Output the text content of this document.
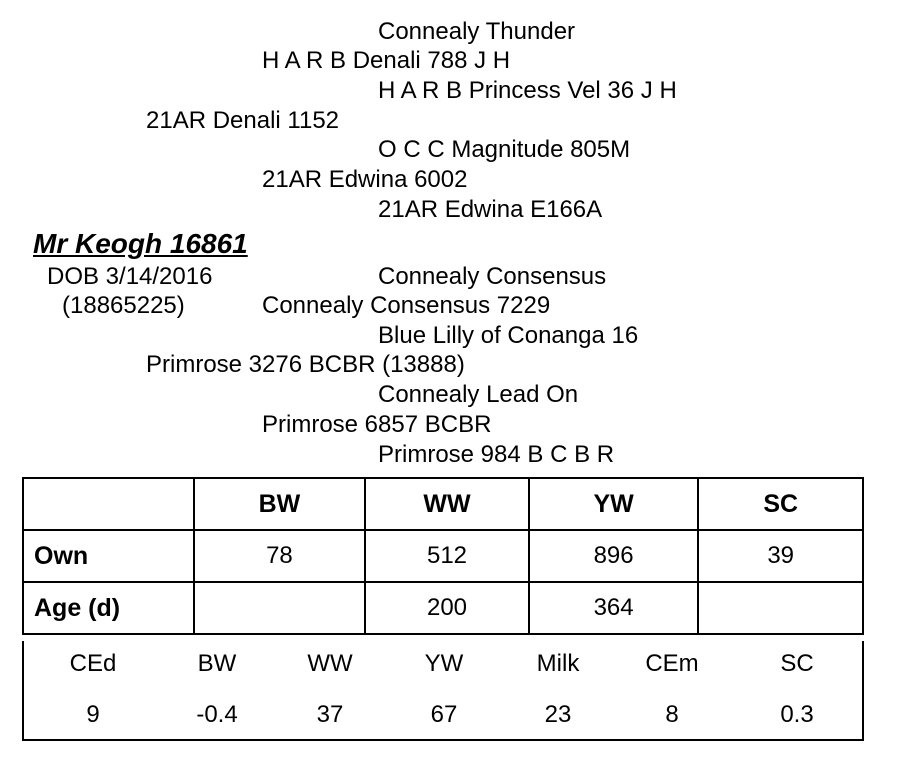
Connealy Thunder
H A R B Denali 788 J H
H A R B Princess Vel 36 J H
21AR Denali 1152
O C C Magnitude 805M
21AR Edwina 6002
21AR Edwina E166A
Mr Keogh 16861
DOB 3/14/2016
(18865225)
Connealy Consensus
Connealy Consensus 7229
Blue Lilly of Conanga 16
Primrose 3276 BCBR (13888)
Connealy Lead On
Primrose 6857 BCBR
Primrose 984 B C B R
	BW	WW	YW	SC
Own	78	512	896	39
Age (d)		200	364	
CEd	BW	WW	YW	Milk	CEm	SC
9	-0.4	37	67	23	8	0.3
